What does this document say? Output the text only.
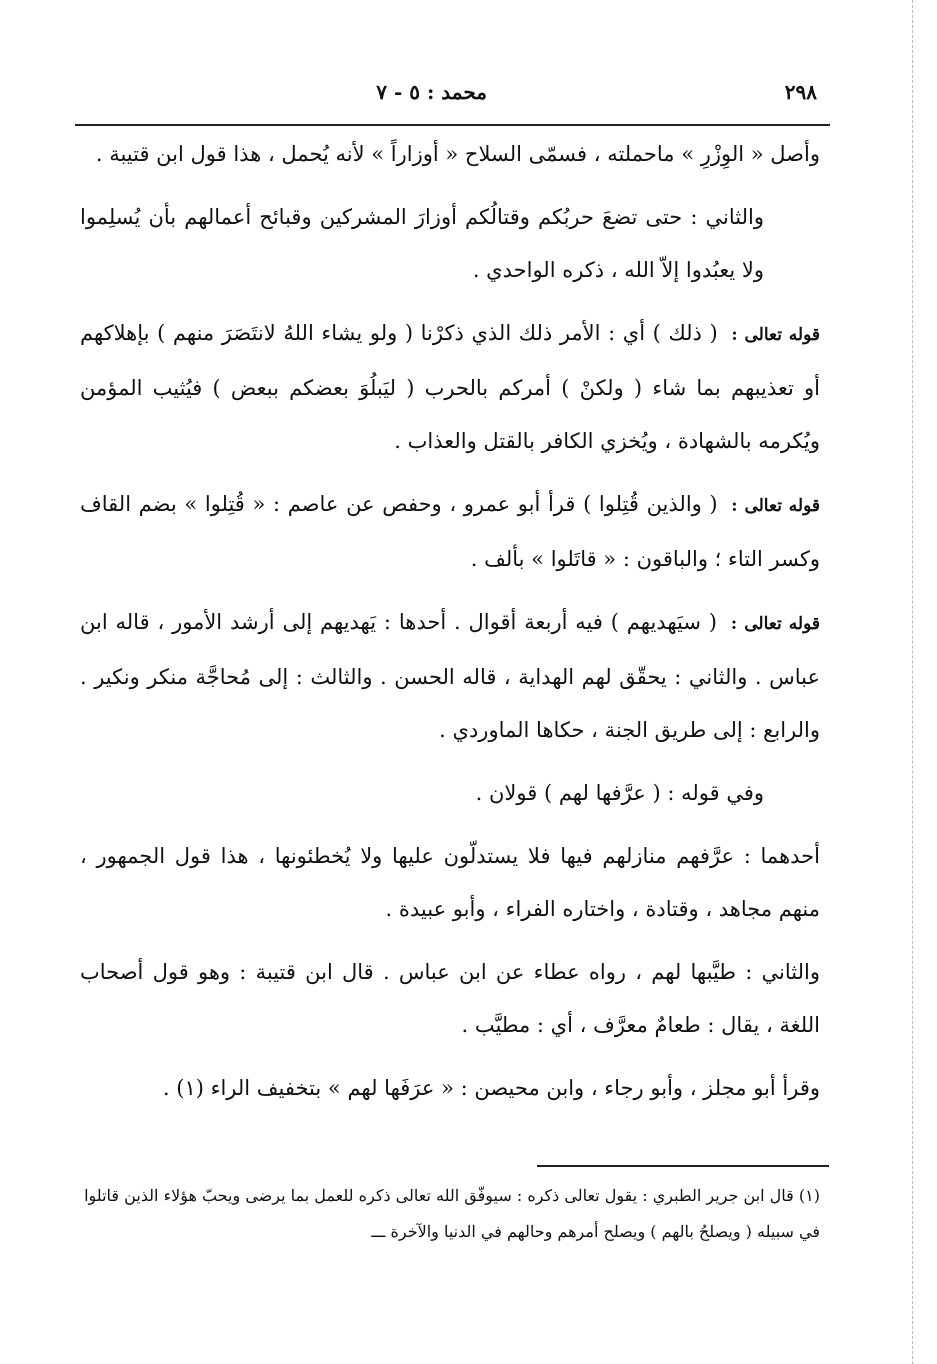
٢٩٨
محمد : ٥ - ٧

وأصل « الوِزْرِ » ماحملته ، فسمّى السلاح « أوزاراً » لأنه يُحمل ، هذا قول ابن قتيبة .

والثاني : حتى تضعَ حربُكم وقتالُكم أوزارَ المشركين وقبائح أعمالهم بأن يُسلِموا ولا يعبُدوا إلاّ الله ، ذكره الواحدي .

قوله تعالى : ( ذلك ) أي : الأمر ذلك الذي ذكرْنا ( ولو يشاء اللهُ لانتَصَرَ منهم ) بإهلاكهم أو تعذيبهم بما شاء ( ولكنْ ) أمركم بالحرب ( ليَبلُوَ بعضكم ببعض ) فيُثيب المؤمن ويُكرمه بالشهادة ، ويُخزي الكافر بالقتل والعذاب .

قوله تعالى : ( والذين قُتِلوا ) قرأ أبو عمرو ، وحفص عن عاصم : « قُتِلوا » بضم القاف وكسر التاء ؛ والباقون : « قاتَلوا » بألف .

قوله تعالى : ( سيَهديهم ) فيه أربعة أقوال . أحدها : يَهديهم إلى أرشد الأمور ، قاله ابن عباس . والثاني : يحقّق لهم الهداية ، قاله الحسن . والثالث : إلى مُحاجَّة منكر ونكير . والرابع : إلى طريق الجنة ، حكاها الماوردي .

وفي قوله : ( عرَّفها لهم ) قولان .

أحدهما : عرَّفهم منازلهم فيها فلا يستدلّون عليها ولا يُخطئونها ، هذا قول الجمهور ، منهم مجاهد ، وقتادة ، واختاره الفراء ، وأبو عبيدة .

والثاني : طيَّبها لهم ، رواه عطاء عن ابن عباس . قال ابن قتيبة : وهو قول أصحاب اللغة ، يقال : طعامٌ معرَّف ، أي : مطيَّب .

وقرأ أبو مجلز ، وأبو رجاء ، وابن محيصن : « عرَفَها لهم » بتخفيف الراء (١) .

(١) قال ابن جرير الطبري : يقول تعالى ذكره : سيوفّق الله تعالى ذكره للعمل بما يرضى ويحبّ هؤلاء الذين قاتلوا في سبيله ( ويصلحُ بالهم ) ويصلح أمرهم وحالهم في الدنيا والآخرة ـــ
